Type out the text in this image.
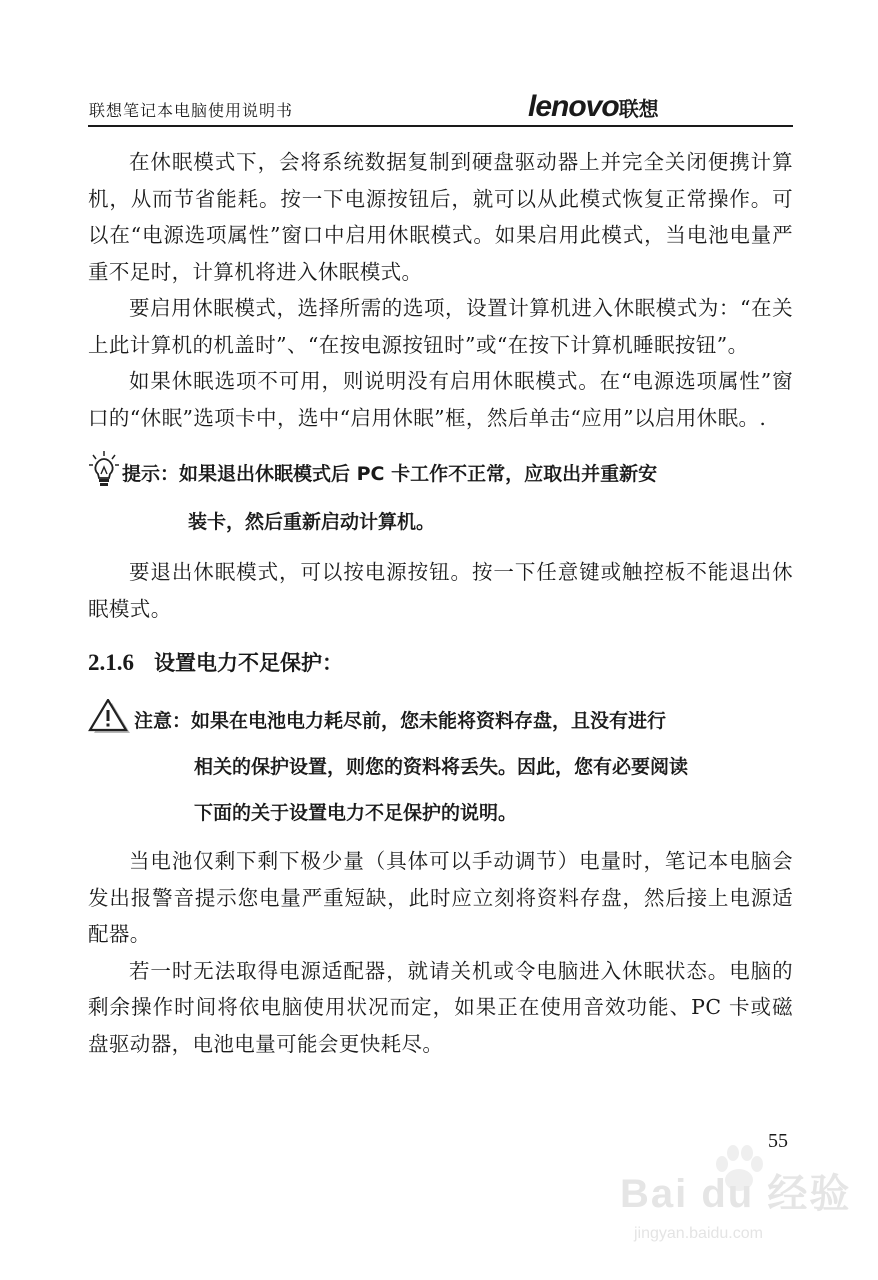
联想笔记本电脑使用说明书	lenovo联想

在休眠模式下，会将系统数据复制到硬盘驱动器上并完全关闭便携计算机，从而节省能耗。按一下电源按钮后，就可以从此模式恢复正常操作。可以在“电源选项属性”窗口中启用休眠模式。如果启用此模式，当电池电量严重不足时，计算机将进入休眠模式。

要启用休眠模式，选择所需的选项，设置计算机进入休眠模式为：“在关上此计算机的机盖时”、“在按电源按钮时”或“在按下计算机睡眠按钮”。

如果休眠选项不可用，则说明没有启用休眠模式。在“电源选项属性”窗口的“休眠”选项卡中，选中“启用休眠”框，然后单击“应用”以启用休眠。.

提示：如果退出休眠模式后 PC 卡工作不正常，应取出并重新安
装卡，然后重新启动计算机。

要退出休眠模式，可以按电源按钮。按一下任意键或触控板不能退出休眠模式。

2.1.6 设置电力不足保护：
注意：如果在电池电力耗尽前，您未能将资料存盘，且没有进行
相关的保护设置，则您的资料将丢失。因此，您有必要阅读
下面的关于设置电力不足保护的说明。

当电池仅剩下剩下极少量（具体可以手动调节）电量时，笔记本电脑会发出报警音提示您电量严重短缺，此时应立刻将资料存盘，然后接上电源适配器。

若一时无法取得电源适配器，就请关机或令电脑进入休眠状态。电脑的剩余操作时间将依电脑使用状况而定，如果正在使用音效功能、PC 卡或磁盘驱动器，电池电量可能会更快耗尽。

55
Bai du 经验
jingyan.baidu.com
